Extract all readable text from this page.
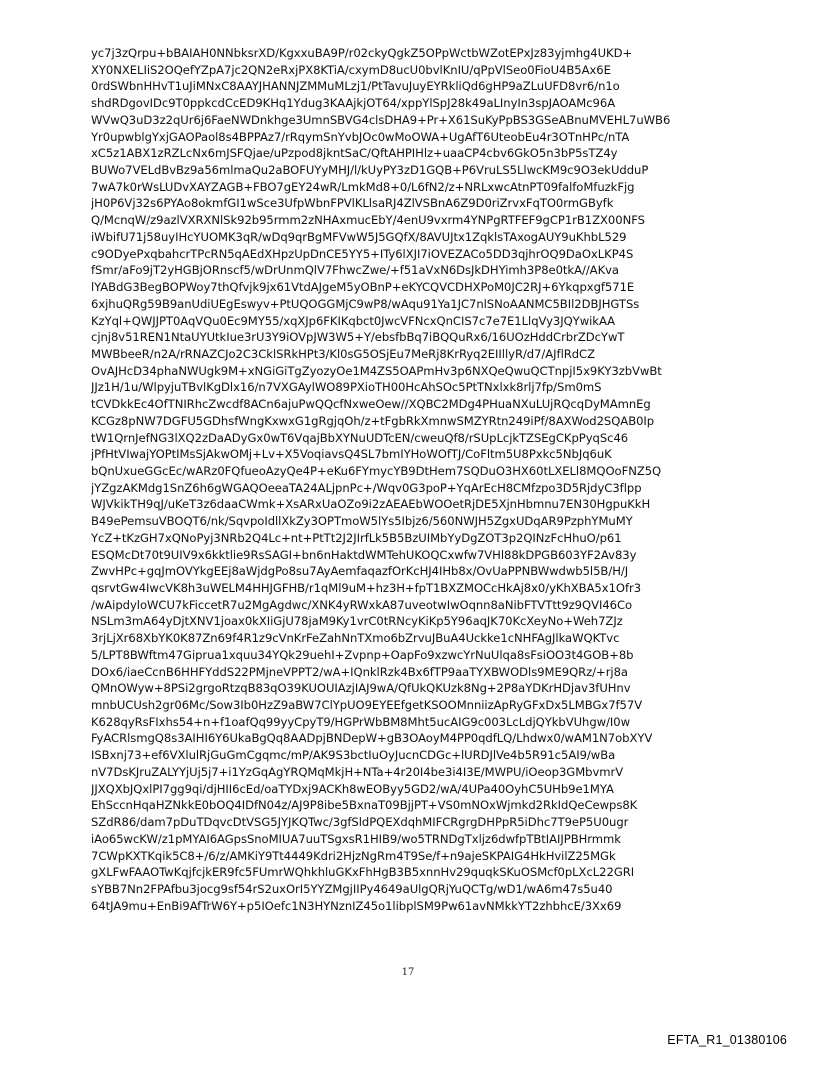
yc7j3zQrpu+bBAIAH0NNbksrXD/KgxxuBA9P/r02ckyQgkZ5OPpWctbWZotEPxJz83yjmhg4UKD+
XY0NXELIiS2OQefYZpA7jc2QN2eRxjPX8KTiA/cxymD8ucU0bvlKnIU/qPpVlSeo0FioU4B5Ax6E
0rdSWbnHHvT1uJiMNxC8AAYJHANNJZMMuMLzj1/PtTavuJuyEYRkliQd6gHP9aZLuUFD8vr6/n1o
shdRDgovIDc9T0ppkcdCcED9KHq1Ydug3KAAjkjOT64/xppYlSpJ28k49aLInyIn3spJAOAMc96A
WVwQ3uD3z2qUr6j6FaeNWDnkhge3UmnSBVG4clsDHA9+Pr+X61SuKyPpBS3GSeABnuMVEHL7uWB6
Yr0upwblgYxjGAOPaol8s4BPPAz7/rRqymSnYvbJOc0wMoOWA+UgAfT6UteobEu4r3OTnHPc/nTA
xC5z1ABX1zRZLcNx6mJSFQjae/uPzpod8jkntSaC/QftAHPIHlz+uaaCP4cbv6GkO5n3bP5sTZ4y
BUWo7VELdBvBz9a56mlmaQu2aBOFUYyMHJ/l/kUyPY3zD1GQB+P6VruLS5LlwcKM9c9O3ekUdduP
7wA7k0rWsLUDvXAYZAGB+FBO7gEY24wR/LmkMd8+0/L6fN2/z+NRLxwcAtnPT09falfoMfuzkFjg
jH0P6Vj32s6PYAo8okmfGI1wSce3UfpWbnFPVlKLlsaRJ4ZlVSBnA6Z9D0riZrvxFqTO0rmGByfk
Q/McnqW/z9azlVXRXNlSk92b95rmm2zNHAxmucEbY/4enU9vxrm4YNPgRTFEF9gCP1rB1ZX00NFS
iWbifU71j58uyIHcYUOMK3qR/wDq9qrBgMFVwW5J5GQfX/8AVUJtx1ZqklsTAxogAUY9uKhbL529
c9ODyePxqbahcrTPcRN5qAEdXHpzUpDnCE5YY5+ITy6lXJI7iOVEZACo5DD3qjhrOQ9DaOxLKP4S
fSmr/aFo9jT2yHGBjORnscf5/wDrUnmQlV7FhwcZwe/+f51aVxN6DsJkDHYimh3P8e0tkA//AKva
lYABdG3BegBOPWoy7thQfvjk9jx61VtdAJgeM5yOBnP+eKYCQVCDHXPoM0JC2RJ+6Ykqpxgf571E
6xjhuQRg59B9anUdiUEgEswyv+PtUQOGGMjC9wP8/wAqu91Ya1JC7nlSNoAANMC5BIl2DBJHGTSs
KzYql+QWJJPT0AqVQu0Ec9MY55/xqXJp6FKIKqbct0JwcVFNcxQnCIS7c7e7E1LlqVy3JQYwikAA
cjnj8v51REN1NtaUYUtkIue3rU3Y9iOVpJW3W5+Y/ebsfbBq7iBQQuRx6/16UOzHddCrbrZDcYwT
MWBbeeR/n2A/rRNAZCJo2C3CklSRkHPt3/Kl0sG5OSjEu7MeRj8KrRyq2EIIllyR/d7/AJflRdCZ
OvAJHcD34phaNWUgk9M+xNGiGiTgZyozyOe1M4ZS5OAPmHv3p6NXQeQwuQCTnpjI5x9KY3zbVwBt
JJz1H/1u/WlpyjuTBvlKgDlx16/n7VXGAylWO89PXioTH00HcAhSOc5PtTNxlxk8rlj7fp/Sm0mS
tCVDkkEc4OfTNIRhcZwcdf8ACn6ajuPwQQcfNxweOew//XQBC2MDg4PHuaNXuLUjRQcqDyMAmnEg
KCGz8pNW7DGFU5GDhsfWngKxwxG1gRgjqOh/z+tFgbRkXmnwSMZYRtn249iPf/8AXWod2SQAB0Ip
tW1QrnJefNG3lXQ2zDaADyGx0wT6VqajBbXYNuUDTcEN/cweuQf8/rSUpLcjkTZSEgCKpPyqSc46
jPfHtVIwajYOPtIMsSjAkwOMj+Lv+X5VoqiavsQ4SL7bmIYHoWOfTJ/CoFltm5U8Pxkc5NbJq6uK
bQnUxueGGcEc/wARz0FQfueoAzyQe4P+eKu6FYmycYB9DtHem7SQDuO3HX60tLXELl8MQOoFNZ5Q
jYZgzAKMdg1SnZ6h6gWGAQOeeaTA24ALjpnPc+/Wqv0G3poP+YqArEcH8CMfzpo3D5RjdyC3flpp
WJVkikTH9qJ/uKeT3z6daaCWmk+XsARxUaOZo9i2zAEAEbWOOetRjDE5XjnHbmnu7EN30HgpuKkH
B49ePemsuVBOQT6/nk/SqvpoIdllXkZy3OPTmoW5lYs5Ibjz6/560NWJH5ZgxUDqAR9PzphYMuMY
YcZ+tKzGH7xQNoPyj3NRb2Q4Lc+nt+PtTt2J2JIrfLk5B5BzUIMbYyDgZOT3p2QINzFcHhuO/p61
ESQMcDt70t9UIV9x6kktlie9RsSAGI+bn6nHaktdWMTehUKOQCxwfw7VHl88kDPGB603YF2Av83y
ZwvHPc+gqJmOVYkgEEj8aWjdgPo8su7AyAemfaqazfOrKcHJ4IHb8x/OvUaPPNBWwdwb5l5B/H/J
qsrvtGw4IwcVK8h3uWELM4HHJGFHB/r1qMl9uM+hz3H+fpT1BXZMOCcHkAj8x0/yKhXBA5x1Ofr3
/wAipdyloWCU7kFiccetR7u2MgAgdwc/XNK4yRWxkA87uveotwIwOqnn8aNibFTVTtt9z9QVI46Co
NSLm3mA64yDjtXNV1joax0kXIiGjU78jaM9Ky1vrC0tRNcyKiKp5Y96aqJK70KcXeyNo+Weh7ZJz
3rjLjXr68XbYK0K87Zn69f4R1z9cVnKrFeZahNnTXmo6bZrvuJBuA4Uckke1cNHFAgJlkaWQKTvc
5/LPT8BWftm47Giprua1xquu34YQk29uehI+Zvpnp+OapFo9xzwcYrNuUlqa8sFsiOO3t4GOB+8b
DOx6/iaeCcnB6HHFYddS22PMjneVPPT2/wA+IQnklRzk4Bx6fTP9aaTYXBWODls9ME9QRz/+rj8a
QMnOWyw+8PSi2grgoRtzqB83qO39KUOUIAzjIAJ9wA/QfUkQKUzk8Ng+2P8aYDKrHDjav3fUHnv
mnbUCUsh2gr06Mc/Sow3Ib0HzZ9aBW7ClYpUO9EYEEfgetKSOOMnniizApRyGFxDx5LMBGx7f57V
K628qyRsFIxhs54+n+f1oafQq99yyCpyT9/HGPrWbBM8Mht5ucAIG9c003LcLdjQYkbVUhgw/I0w
FyACRlsmgQ8s3AIHI6Y6UkaBgQq8AADpjBNDepW+gB3OAoyM4PP0qdfLQ/Lhdwx0/wAM1N7obXYV
ISBxnj73+ef6VXlulRjGuGmCgqmc/mP/AK9S3bctIuOyJucnCDGc+lURDJlVe4b5R91c5AI9/wBa
nV7DsKJruZALYYjUj5j7+i1YzGqAgYRQMqMkjH+NTa+4r20I4be3i4I3E/MWPU/iOeop3GMbvmrV
JJXQXbJQxlPI7gg9qi/djHII6cEd/oaTYDxj9ACKh8wEOByy5GD2/wA/4UPa40OyhC5UHb9e1MYA
EhSccnHqaHZNkkE0bOQ4IDfN04z/AJ9P8ibe5BxnaT09BjjPT+VS0mNOxWjmkd2RkIdQeCewps8K
SZdR86/dam7pDuTDqvcDtVSG5JYJKQTwc/3gfSldPQEXdqhMIFCRgrgDHPpR5iDhc7T9eP5U0ugr
iAo65wcKW/z1pMYAI6AGpsSnoMIUA7uuTSgxsR1HIB9/wo5TRNDgTxljz6dwfpTBtIAIJPBHrmmk
7CWpKXTKqik5C8+/6/z/AMKiY9Tt4449Kdri2HjzNgRm4T9Se/f+n9ajeSKPAIG4HkHvilZ25MGk
gXLFwFAAOTwKqjfcjkER9fc5FUmrWQhkhluGKxFhHgB3B5xnnHv29quqkSKuOSMcf0pLXcL22GRI
sYBB7Nn2FPAfbu3jocg9sf54rS2uxOrI5YYZMgjIIPy4649aUlgQRjYuQCTg/wD1/wA6m47s5u40
64tJA9mu+EnBi9AfTrW6Y+p5IOefc1N3HYNznIZ45o1libplSM9Pw61avNMkkYT2zhbhcE/3Xx69
17
EFTA_R1_01380106
